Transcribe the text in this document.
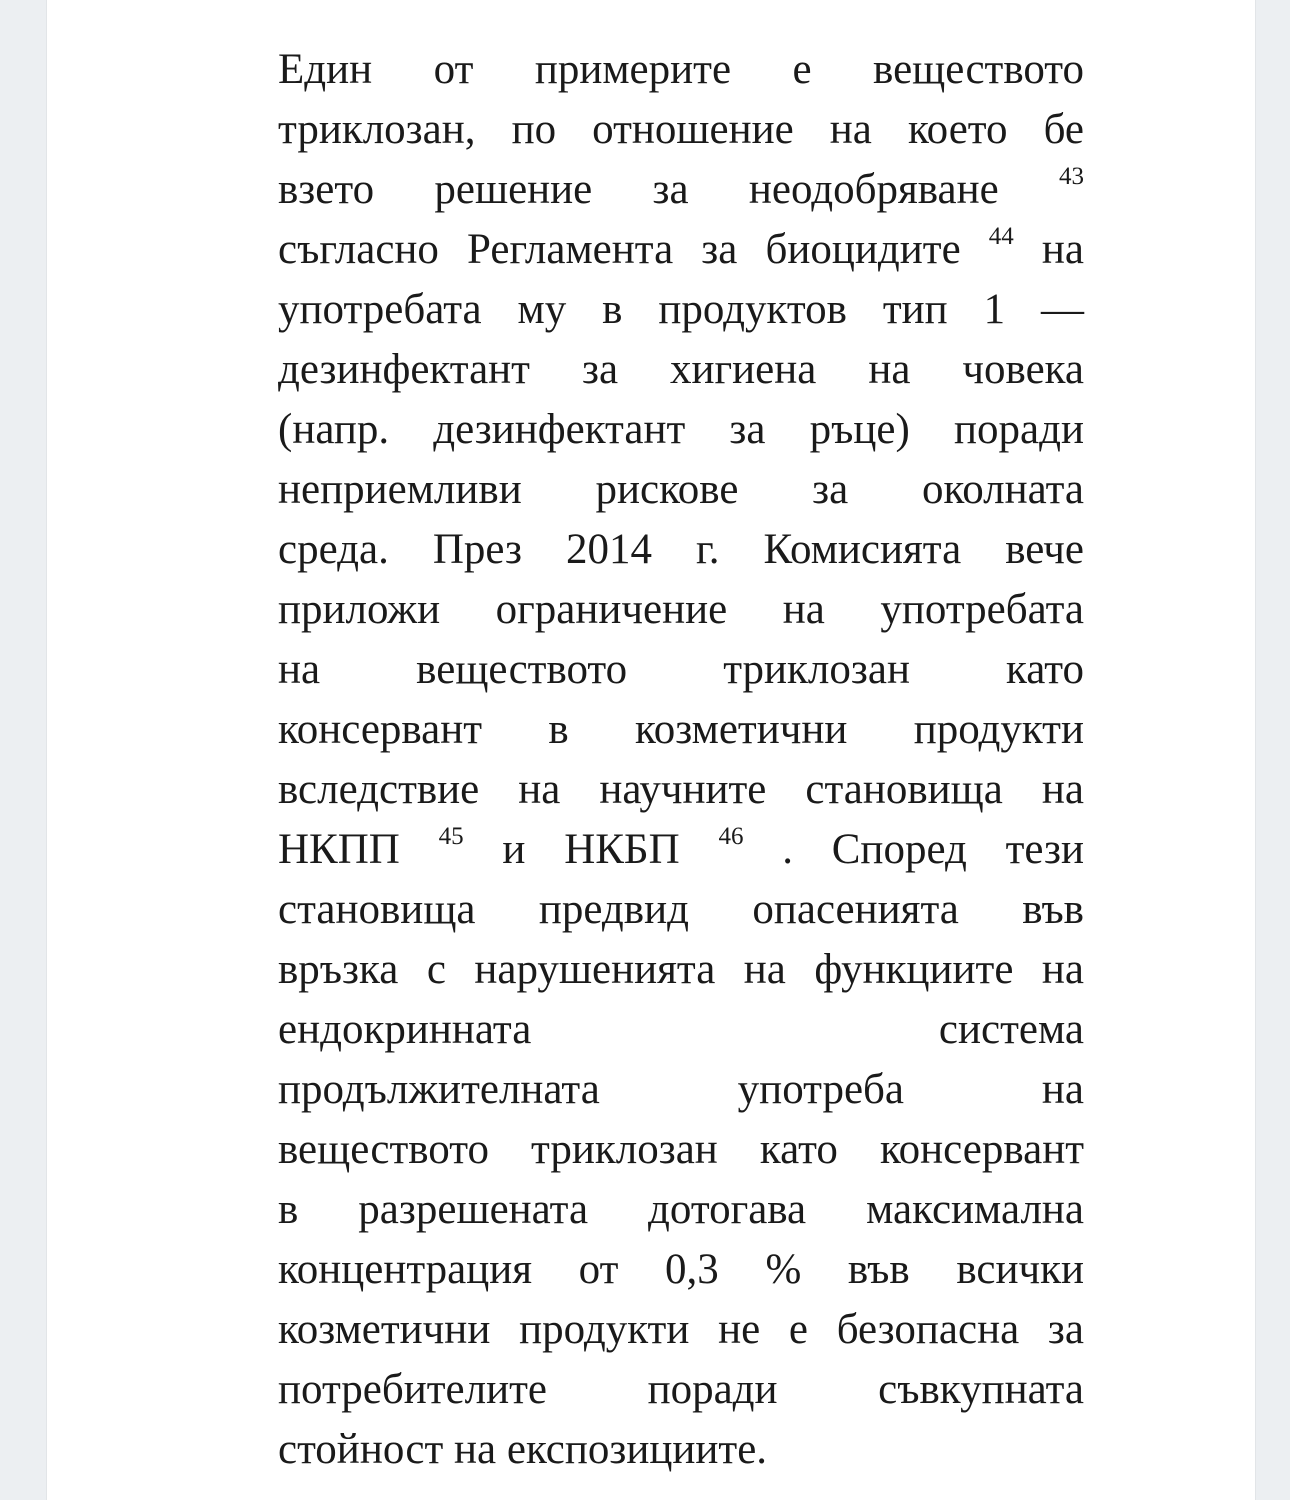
Един от примерите е веществото
триклозан, по отношение на което бе
взето решение за неодобряване $^{43}$
съгласно Регламента за биоцидите $^{44}$ на
употребата му в продуктов тип 1 —
дезинфектант за хигиена на човека
(напр. дезинфектант за ръце) поради
неприемливи рискове за околната
среда. През 2014 г. Комисията вече
приложи ограничение на употребата
на веществото триклозан като
консервант в козметични продукти
вследствие на научните становища на
НКПП $^{45}$ и НКБП $^{46}$ . Според тези
становища предвид опасенията във
връзка с нарушенията на функциите на
ендокринната система
продължителната употреба на
веществото триклозан като консервант
в разрешената дотогава максимална
концентрация от 0,3 % във всички
козметични продукти не е безопасна за
потребителите поради съвкупната
стойност на експозициите.
